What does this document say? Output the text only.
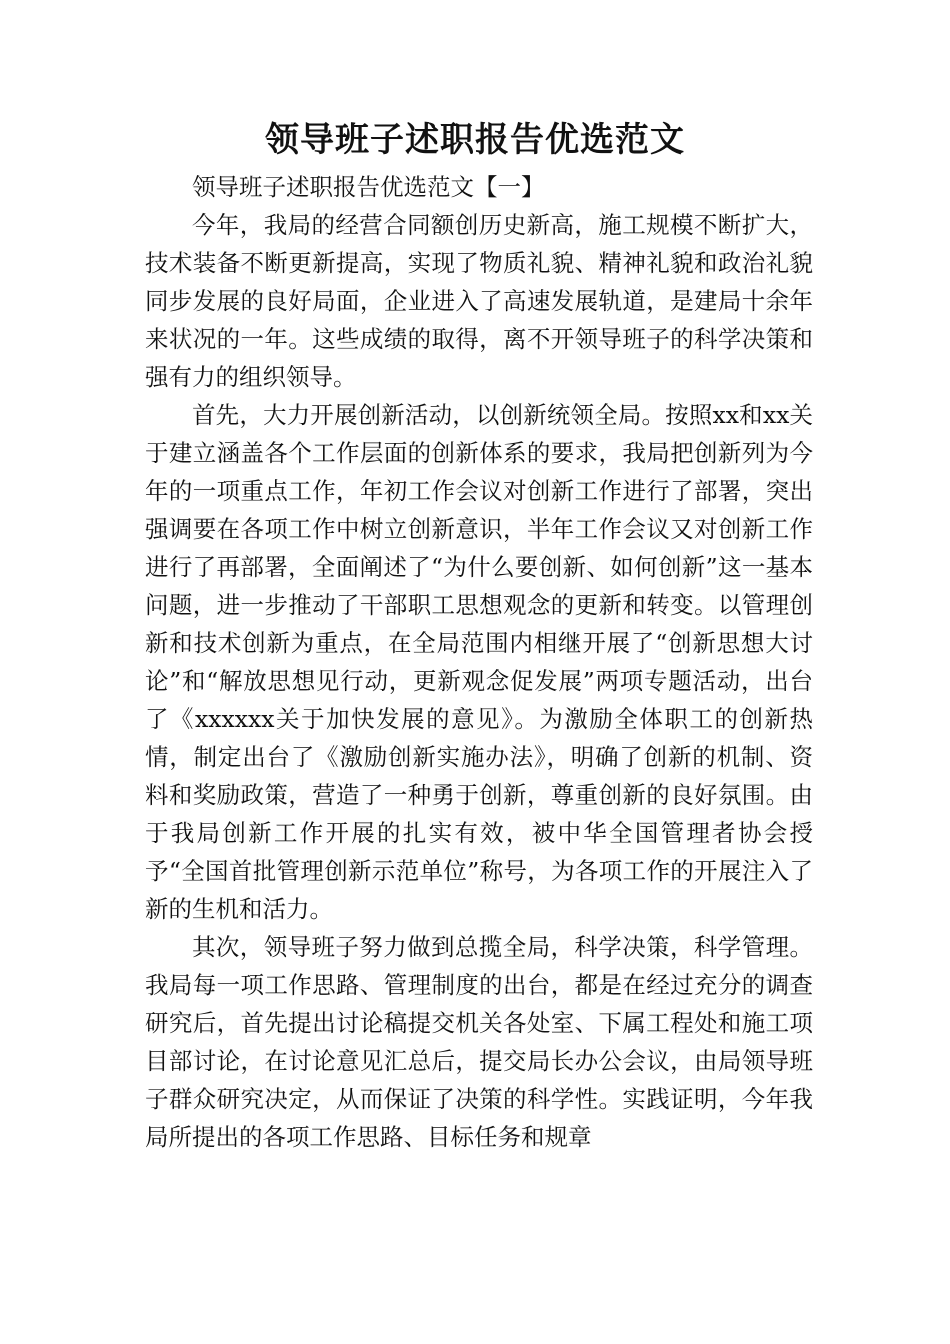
领导班子述职报告优选范文

领导班子述职报告优选范文【一】

今年，我局的经营合同额创历史新高，施工规模不断扩大，技术装备不断更新提高，实现了物质礼貌、精神礼貌和政治礼貌同步发展的良好局面，企业进入了高速发展轨道，是建局十余年来状况的一年。这些成绩的取得，离不开领导班子的科学决策和强有力的组织领导。

首先，大力开展创新活动，以创新统领全局。按照xx和xx关于建立涵盖各个工作层面的创新体系的要求，我局把创新列为今年的一项重点工作，年初工作会议对创新工作进行了部署，突出强调要在各项工作中树立创新意识，半年工作会议又对创新工作进行了再部署，全面阐述了“为什么要创新、如何创新”这一基本问题，进一步推动了干部职工思想观念的更新和转变。以管理创新和技术创新为重点，在全局范围内相继开展了“创新思想大讨论”和“解放思想见行动，更新观念促发展”两项专题活动，出台了《xxxxxx关于加快发展的意见》。为激励全体职工的创新热情，制定出台了《激励创新实施办法》，明确了创新的机制、资料和奖励政策，营造了一种勇于创新，尊重创新的良好氛围。由于我局创新工作开展的扎实有效，被中华全国管理者协会授予“全国首批管理创新示范单位”称号，为各项工作的开展注入了新的生机和活力。

其次，领导班子努力做到总揽全局，科学决策，科学管理。我局每一项工作思路、管理制度的出台，都是在经过充分的调查研究后，首先提出讨论稿提交机关各处室、下属工程处和施工项目部讨论，在讨论意见汇总后，提交局长办公会议，由局领导班子群众研究决定，从而保证了决策的科学性。实践证明，今年我局所提出的各项工作思路、目标任务和规章
